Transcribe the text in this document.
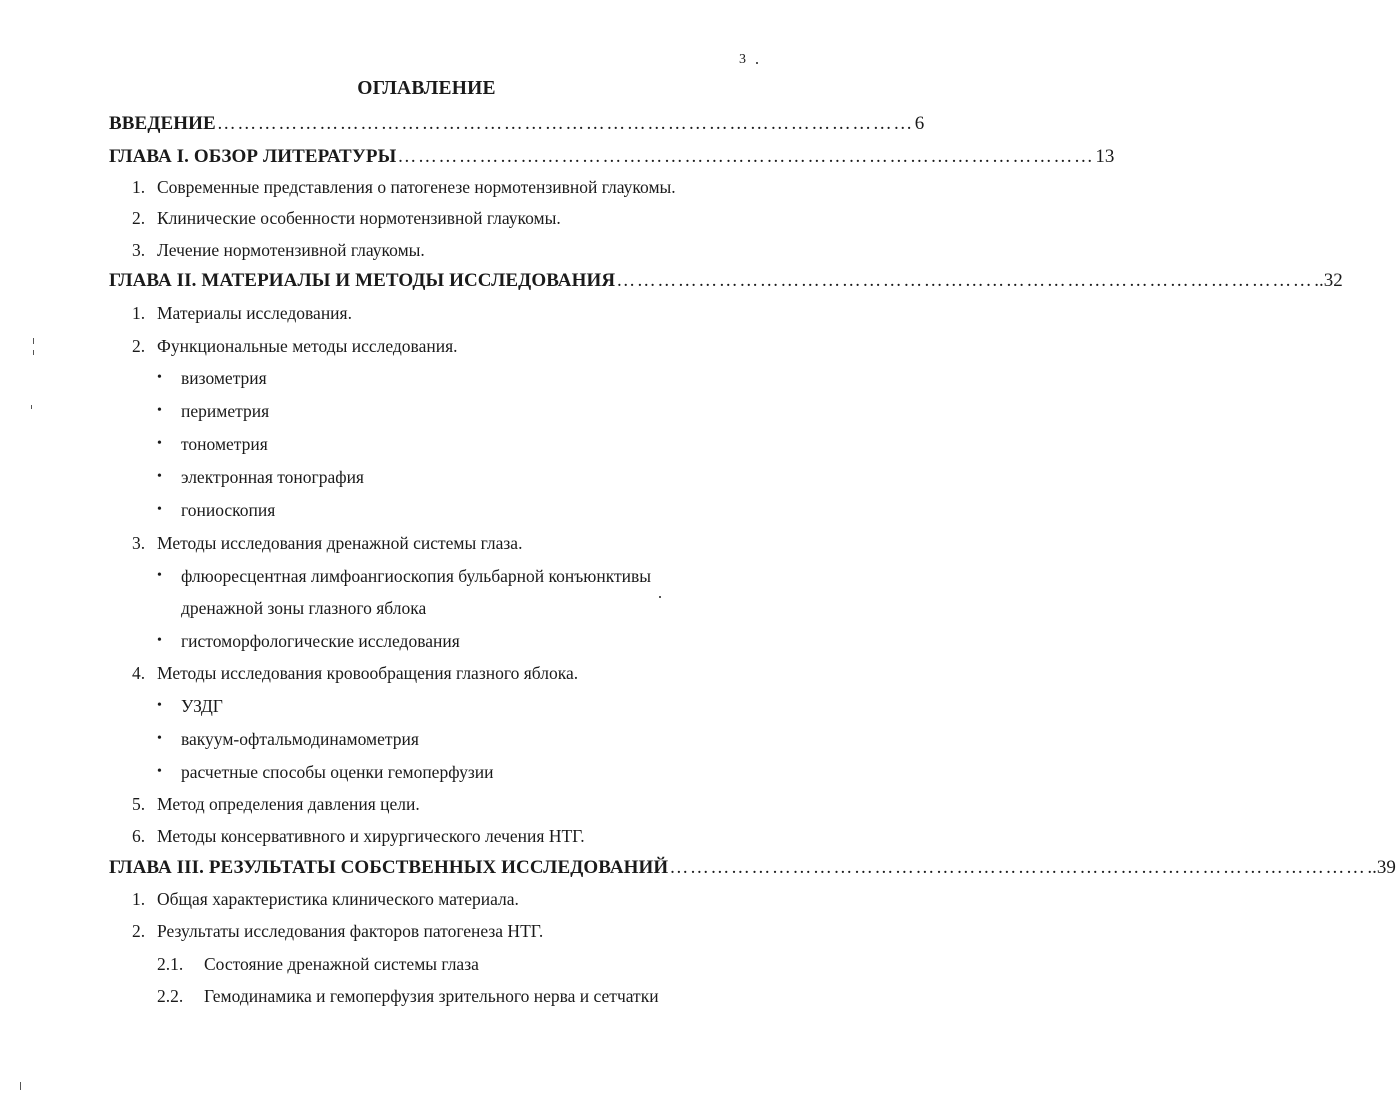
3
ОГЛАВЛЕНИЕ
ВВЕДЕНИЕ ………………………………………………………………………………………… 6
ГЛАВА I. ОБЗОР ЛИТЕРАТУРЫ ………………………………………………………………………………………… 13
1. Современные представления о патогенезе нормотензивной глаукомы.
2. Клинические особенности нормотензивной глаукомы.
3. Лечение нормотензивной глаукомы.
ГЛАВА II. МАТЕРИАЛЫ И МЕТОДЫ ИССЛЕДОВАНИЯ ………………………………………………………………………………………… ..32
1. Материалы исследования.
2. Функциональные методы исследования.
• визометрия
• периметрия
• тонометрия
• электронная тонография
• гониоскопия
3. Методы исследования дренажной системы глаза.
• флюоресцентная лимфоангиоскопия бульбарной конъюнктивы
дренажной зоны глазного яблока
• гистоморфологические исследования
4. Методы исследования кровообращения глазного яблока.
• УЗДГ
• вакуум-офтальмодинамометрия
• расчетные способы оценки гемоперфузии
5. Метод определения давления цели.
6. Методы консервативного и хирургического лечения НТГ.
ГЛАВА III. РЕЗУЛЬТАТЫ СОБСТВЕННЫХ ИССЛЕДОВАНИЙ ………………………………………………………………………………………… ..39
1. Общая характеристика клинического материала.
2. Результаты исследования факторов патогенеза НТГ.
2.1. Состояние дренажной системы глаза
2.2. Гемодинамика и гемоперфузия зрительного нерва и сетчатки
